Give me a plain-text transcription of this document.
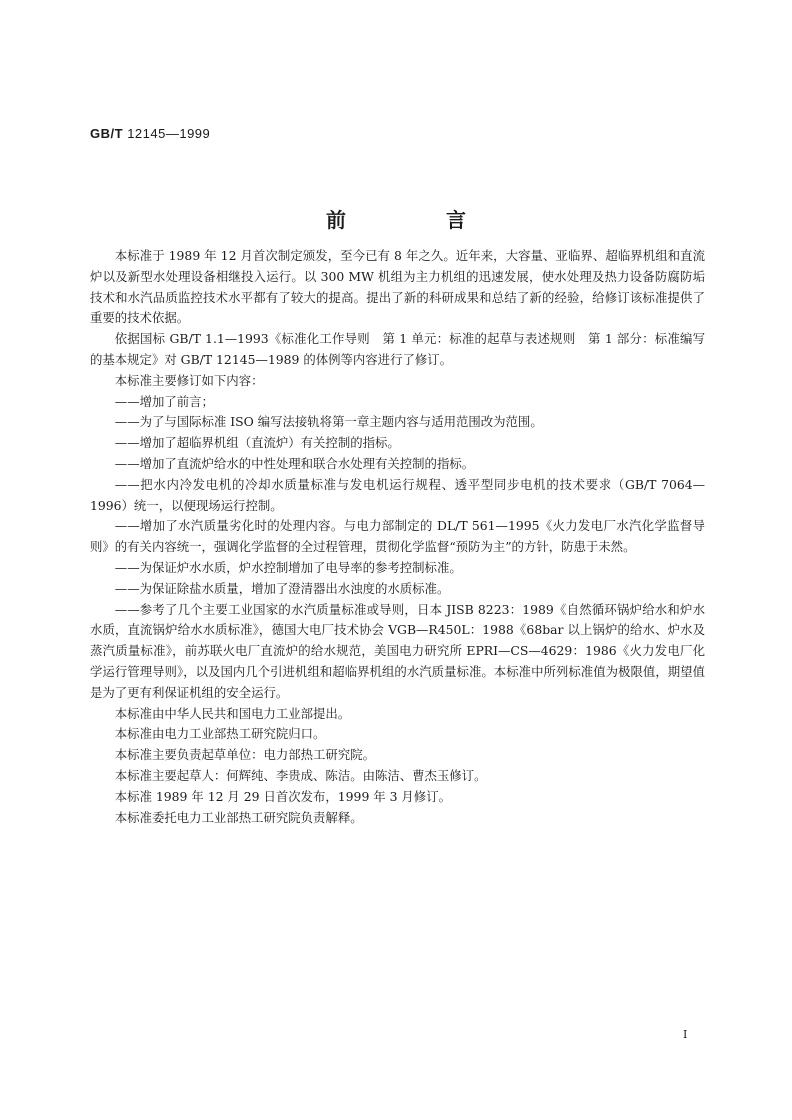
GB/T 12145—1999
前　言

本标准于 1989 年 12 月首次制定颁发，至今已有 8 年之久。近年来，大容量、亚临界、超临界机组和直流炉以及新型水处理设备相继投入运行。以 300 MW 机组为主力机组的迅速发展，使水处理及热力设备防腐防垢技术和水汽品质监控技术水平都有了较大的提高。提出了新的科研成果和总结了新的经验，给修订该标准提供了重要的技术依据。

依据国标 GB/T 1.1—1993《标准化工作导则　第 1 单元：标准的起草与表述规则　第 1 部分：标准编写的基本规定》对 GB/T 12145—1989 的体例等内容进行了修订。

本标准主要修订如下内容：

——增加了前言；

——为了与国际标准 ISO 编写法接轨将第一章主题内容与适用范围改为范围。

——增加了超临界机组（直流炉）有关控制的指标。

——增加了直流炉给水的中性处理和联合水处理有关控制的指标。

——把水内冷发电机的冷却水质量标准与发电机运行规程、透平型同步电机的技术要求（GB/T 7064—1996）统一，以便现场运行控制。

——增加了水汽质量劣化时的处理内容。与电力部制定的 DL/T 561—1995《火力发电厂水汽化学监督导则》的有关内容统一，强调化学监督的全过程管理，贯彻化学监督“预防为主”的方针，防患于未然。

——为保证炉水水质，炉水控制增加了电导率的参考控制标准。

——为保证除盐水质量，增加了澄清器出水浊度的水质标准。

——参考了几个主要工业国家的水汽质量标准或导则，日本 JISB 8223：1989《自然循环锅炉给水和炉水水质，直流锅炉给水水质标准》，德国大电厂技术协会 VGB—R450L：1988《68bar 以上锅炉的给水、炉水及蒸汽质量标准》，前苏联火电厂直流炉的给水规范，美国电力研究所 EPRI—CS—4629：1986《火力发电厂化学运行管理导则》，以及国内几个引进机组和超临界机组的水汽质量标准。本标准中所列标准值为极限值，期望值是为了更有利保证机组的安全运行。

本标准由中华人民共和国电力工业部提出。

本标准由电力工业部热工研究院归口。

本标准主要负责起草单位：电力部热工研究院。

本标准主要起草人：何辉纯、李贵成、陈洁。由陈洁、曹杰玉修订。

本标准 1989 年 12 月 29 日首次发布，1999 年 3 月修订。

本标准委托电力工业部热工研究院负责解释。

I
